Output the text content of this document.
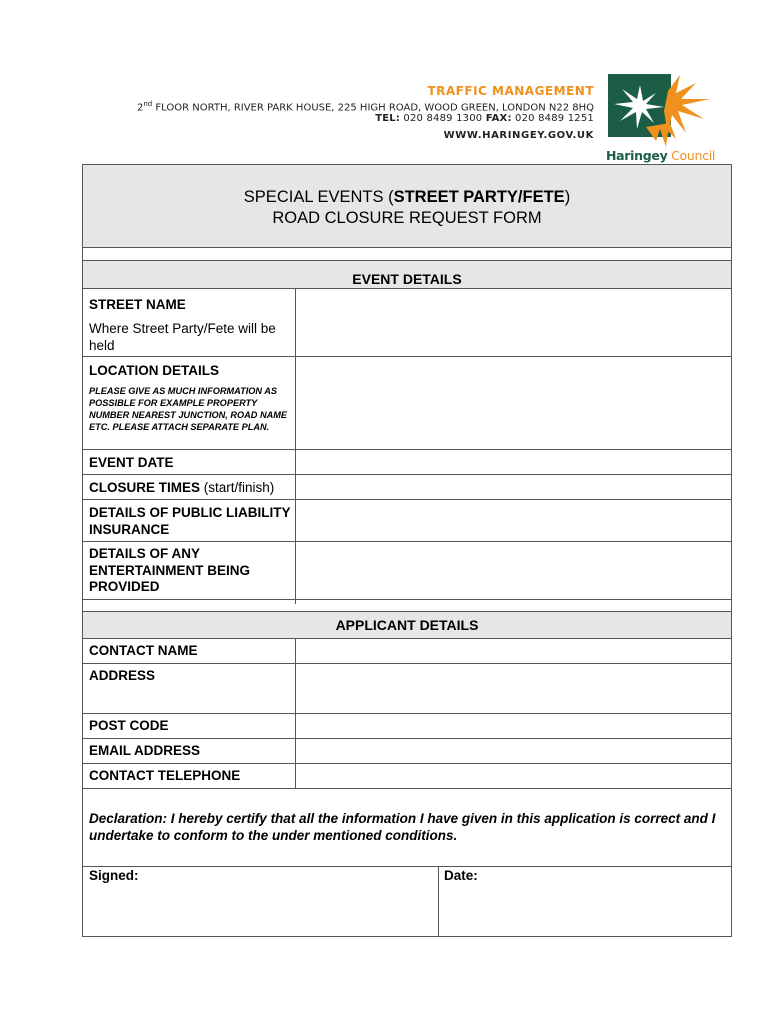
TRAFFIC MANAGEMENT
2nd FLOOR NORTH, RIVER PARK HOUSE, 225 HIGH ROAD, WOOD GREEN, LONDON N22 8HQ
TEL: 020 8489 1300 FAX: 020 8489 1251
WWW.HARINGEY.GOV.UK
Haringey Council
SPECIAL EVENTS (STREET PARTY/FETE)
ROAD CLOSURE REQUEST FORM
EVENT DETAILS
STREET NAME
Where Street Party/Fete will be held
LOCATION DETAILS
PLEASE GIVE AS MUCH INFORMATION AS POSSIBLE FOR EXAMPLE PROPERTY NUMBER NEAREST JUNCTION, ROAD NAME ETC. PLEASE ATTACH SEPARATE PLAN.
EVENT DATE
CLOSURE TIMES (start/finish)
DETAILS OF PUBLIC LIABILITY INSURANCE
DETAILS OF ANY ENTERTAINMENT BEING PROVIDED
APPLICANT DETAILS
CONTACT NAME
ADDRESS
POST CODE
EMAIL ADDRESS
CONTACT TELEPHONE
Declaration: I hereby certify that all the information I have given in this application is correct and I undertake to conform to the under mentioned conditions.
Signed:	Date:
